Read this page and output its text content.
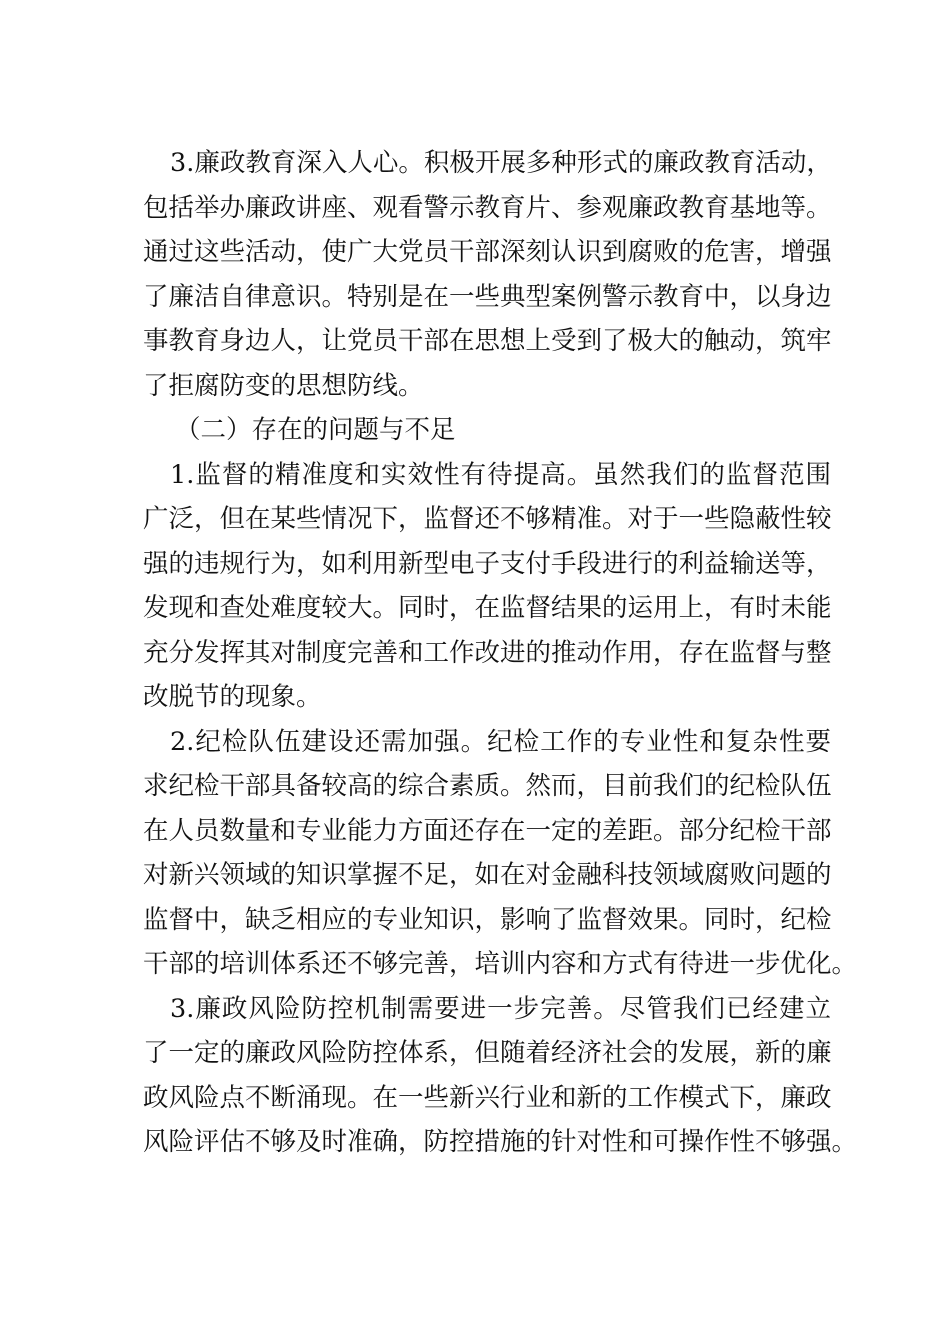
3.廉政教育深入人心。积极开展多种形式的廉政教育活动，
包括举办廉政讲座、观看警示教育片、参观廉政教育基地等。
通过这些活动，使广大党员干部深刻认识到腐败的危害，增强
了廉洁自律意识。特别是在一些典型案例警示教育中，以身边
事教育身边人，让党员干部在思想上受到了极大的触动，筑牢
了拒腐防变的思想防线。
（二）存在的问题与不足
1.监督的精准度和实效性有待提高。虽然我们的监督范围
广泛，但在某些情况下，监督还不够精准。对于一些隐蔽性较
强的违规行为，如利用新型电子支付手段进行的利益输送等，
发现和查处难度较大。同时，在监督结果的运用上，有时未能
充分发挥其对制度完善和工作改进的推动作用，存在监督与整
改脱节的现象。
2.纪检队伍建设还需加强。纪检工作的专业性和复杂性要
求纪检干部具备较高的综合素质。然而，目前我们的纪检队伍
在人员数量和专业能力方面还存在一定的差距。部分纪检干部
对新兴领域的知识掌握不足，如在对金融科技领域腐败问题的
监督中，缺乏相应的专业知识，影响了监督效果。同时，纪检
干部的培训体系还不够完善，培训内容和方式有待进一步优化。
3.廉政风险防控机制需要进一步完善。尽管我们已经建立
了一定的廉政风险防控体系，但随着经济社会的发展，新的廉
政风险点不断涌现。在一些新兴行业和新的工作模式下，廉政
风险评估不够及时准确，防控措施的针对性和可操作性不够强。
